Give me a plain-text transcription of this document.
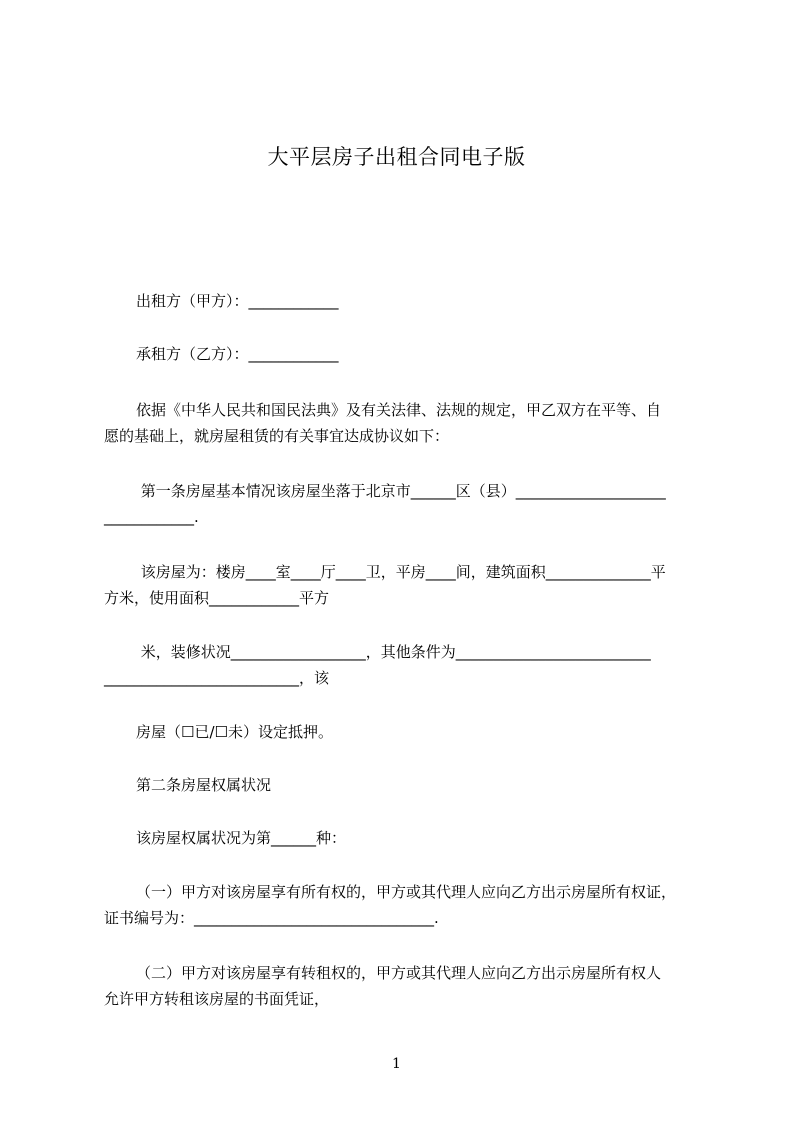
大平层房子出租合同电子版
出租方（甲方）：____________
承租方（乙方）：____________
依据《中华人民共和国民法典》及有关法律、法规的规定，甲乙双方在平等、自
愿的基础上，就房屋租赁的有关事宜达成协议如下：
第一条房屋基本情况该房屋坐落于北京市______区（县）____________________
____________.
该房屋为：楼房____室____厅____卫，平房____间，建筑面积______________平
方米，使用面积____________平方
米，装修状况__________________，其他条件为__________________________
__________________________，该
房屋（☐已/☐未）设定抵押。
第二条房屋权属状况
该房屋权属状况为第______种：
（一）甲方对该房屋享有所有权的，甲方或其代理人应向乙方出示房屋所有权证，
证书编号为：________________________________.
（二）甲方对该房屋享有转租权的，甲方或其代理人应向乙方出示房屋所有权人
允许甲方转租该房屋的书面凭证，
1
